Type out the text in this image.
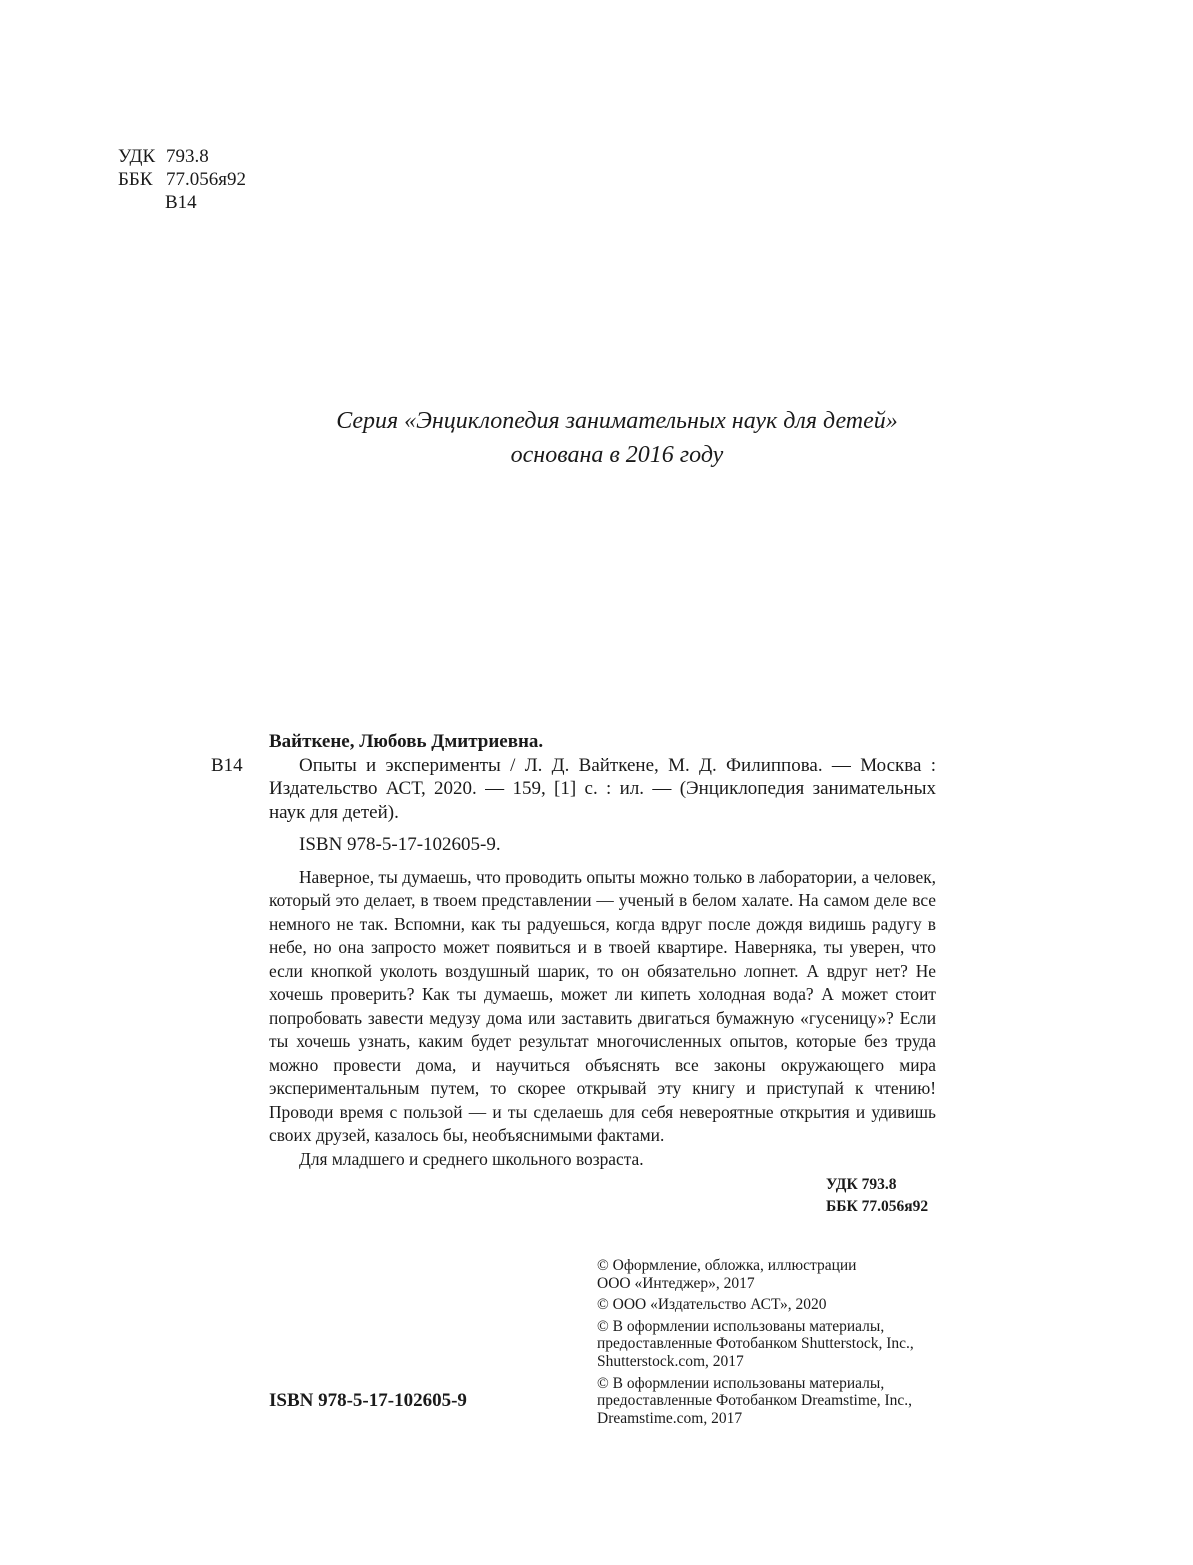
УДК 793.8
ББК 77.056я92
В14
Серия «Энциклопедия занимательных наук для детей»
основана в 2016 году
В14
Вайткене, Любовь Дмитриевна.

Опыты и эксперименты / Л. Д. Вайткене, М. Д. Филиппова. — Москва : Издательство АСТ, 2020. — 159, [1] с. : ил. — (Энциклопедия занимательных наук для детей).

ISBN 978-5-17-102605-9.

Наверное, ты думаешь, что проводить опыты можно только в лаборатории, а человек, который это делает, в твоем представлении — ученый в белом халате. На самом деле все немного не так. Вспомни, как ты радуешься, когда вдруг после дождя видишь радугу в небе, но она запросто может появиться и в твоей квартире. Наверняка, ты уверен, что если кнопкой уколоть воздушный шарик, то он обязательно лопнет. А вдруг нет? Не хочешь проверить? Как ты думаешь, может ли кипеть холодная вода? А может стоит попробовать завести медузу дома или заставить двигаться бумажную «гусеницу»? Если ты хочешь узнать, каким будет результат многочисленных опытов, которые без труда можно провести дома, и научиться объяснять все законы окружающего мира экспериментальным путем, то скорее открывай эту книгу и приступай к чтению! Проводи время с пользой — и ты сделаешь для себя невероятные открытия и удивишь своих друзей, казалось бы, необъяснимыми фактами.

Для младшего и среднего школьного возраста.

УДК 793.8
ББК 77.056я92

© Оформление, обложка, иллюстрации
ООО «Интеджер», 2017

© ООО «Издательство АСТ», 2020

© В оформлении использованы материалы,
предоставленные Фотобанком Shutterstock, Inc.,
Shutterstock.com, 2017

© В оформлении использованы материалы,
предоставленные Фотобанком Dreamstime, Inc.,
Dreamstime.com, 2017

ISBN 978-5-17-102605-9
